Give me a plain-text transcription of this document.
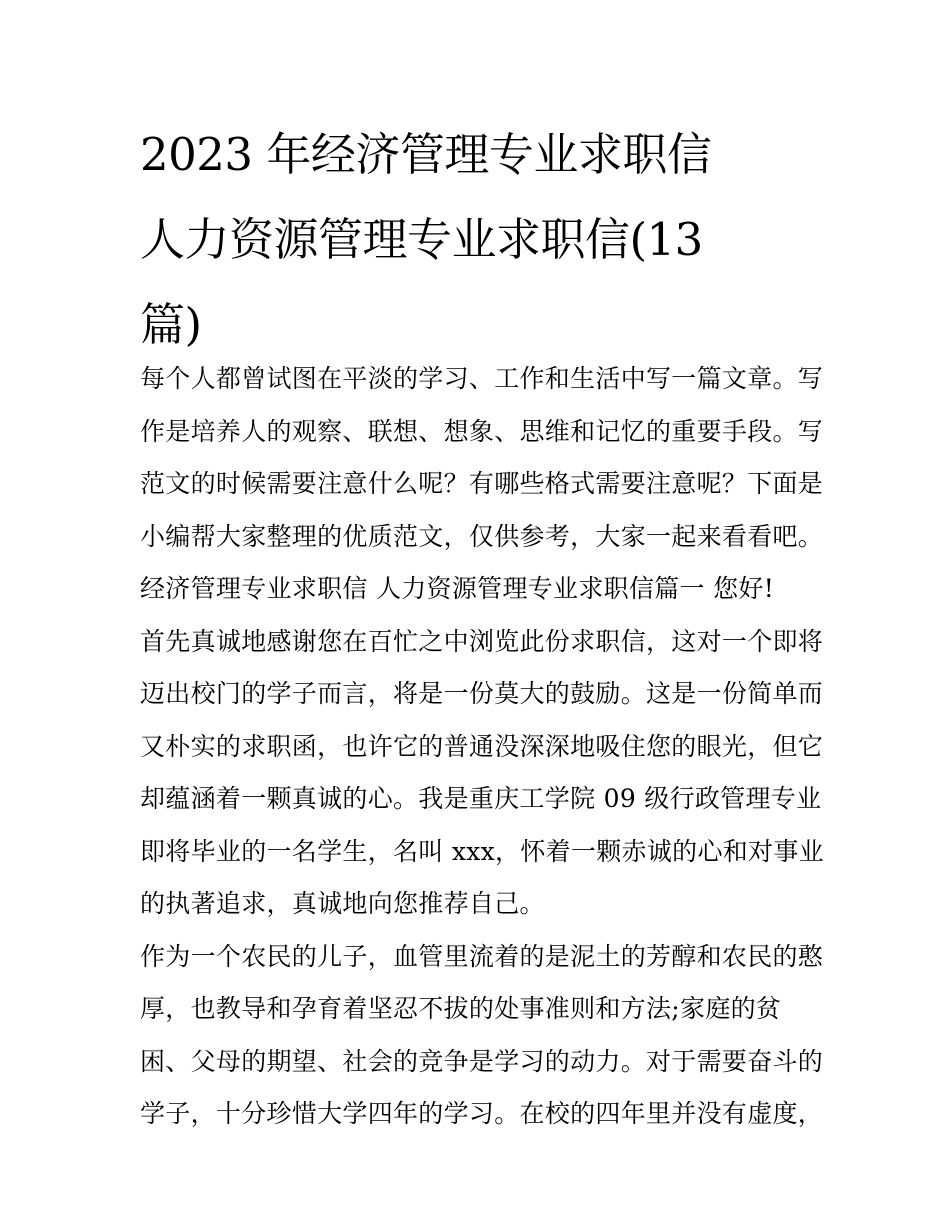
2023 年经济管理专业求职信
人力资源管理专业求职信(13
篇)
每个人都曾试图在平淡的学习、工作和生活中写一篇文章。写
作是培养人的观察、联想、想象、思维和记忆的重要手段。写
范文的时候需要注意什么呢？有哪些格式需要注意呢？下面是
小编帮大家整理的优质范文，仅供参考，大家一起来看看吧。
经济管理专业求职信 人力资源管理专业求职信篇一 您好!
首先真诚地感谢您在百忙之中浏览此份求职信，这对一个即将
迈出校门的学子而言，将是一份莫大的鼓励。这是一份简单而
又朴实的求职函，也许它的普通没深深地吸住您的眼光，但它
却蕴涵着一颗真诚的心。我是重庆工学院 09 级行政管理专业
即将毕业的一名学生，名叫 xxx，怀着一颗赤诚的心和对事业
的执著追求，真诚地向您推荐自己。
作为一个农民的儿子，血管里流着的是泥土的芳醇和农民的憨
厚，也教导和孕育着坚忍不拔的处事准则和方法;家庭的贫
困、父母的期望、社会的竞争是学习的动力。对于需要奋斗的
学子，十分珍惜大学四年的学习。在校的四年里并没有虚度，
